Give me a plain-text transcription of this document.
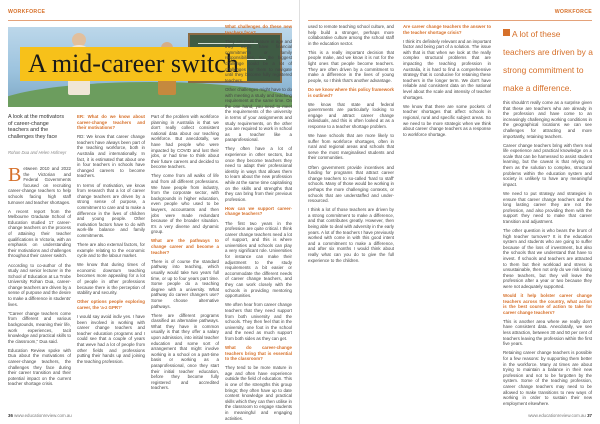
WORKFORCE
A mid-career switch
A look at the motivators of career-change teachers and the challenges they face
Rohan Dua and Helen Hofmeyr

Between 2010 and 2022 the Victorian and Federal Governments focused on recruiting career-change teachers to help schools facing high staff turnover and teacher shortages.

A recent report from the Melbourne Graduate School of Education studied 17 career-change teachers on the process of attaining their teacher qualifications in Victoria, with an emphasis on understanding their motivations and challenges throughout their career switch.

According to co-author of the study and senior lecturer in the School of Education at La Trobe University Rohan Dua, career-change teachers are driven by a sense of purpose and the desire to make a difference in students' lives.

"Career change teachers come from different and various backgrounds, meaning their life, work experiences, tacit knowledge and practical skills to the classroom," Dua said.

Education Review spoke with Dua about the motivations of career-change teachers, the challenges they face during their career transition and their potential impact on the current teacher shortage crisis.

ER: What do we know about career-change teachers and their motivations?

RD: We know that career change teachers have always been part of the teaching workforce, both in Australia and internationally. In fact, it is estimated that about one in four teachers in schools have changed careers to become teachers.

In terms of motivation, we know from research that a lot of career change teachers are driven by a strong sense of purpose, a commitment to care and to make a difference in the lives of children and young people. Other motivation factors have to do with work-life balance and family commitments.

There are also external factors, for example relating to the economic cycle and to the labour market.

We know that during times of economic downturn teaching becomes more appealing for a lot of people in other professions because there is the perception of stability and security.

Other options people exploring career, the 'a-z GPR?'

I would say avoid indiv yes. I have been involved in working with career change teachers and teacher education programs and I could see that a couple of years that weve had a lot of people from other fields and professions putting their hands up and joining the teaching profession.

Part of the problem with workforce planning in Australia is that we don't really collect consistent national data about our teaching workforce. But anecdotally, we have had people who were impacted by COVID and lost their jobs, or had time to think about their future careers and decided to become teachers.

They come from all walks of life and from all different professions. We have people from industry, from the corporate sector, with backgrounds in higher education, even people who used to be lawyers, accountants and then jobs were made redundant because of the broader situation. It's a very diverse and dynamic group.

What are the pathways to change career and become a teacher?

There is of course the standard pathway into teaching, which usually would take two years full time, or up to four years part time. Some people do a teaching degree with a university. What pathway do career changers use? Some choose alternative pathways.

There are different programs classified as alternative pathways. What they have in common usually is that they offer a salary upon admission, into initial teacher education and some sort of arrangement that might involve working in a school on a part-time basis or working as a paraprofessional, once they start their initial teacher education, before they become fully registered and accredited teachers.

What challenges do these new teachers face?

They are more mature in age and they might have financial commitments or family responsibilities, so the biggest challenge could be a lot of challenges for them to navigate until they become fully registered teachers.

Other challenges might have to do with meeting a study and teaching requirement at the same time. On the one hand, you need to meet the requirements of the university in terms of your assignments and study requirements, on the other you are required to work in school as a teacher like a paraprofessional.

They often have a lot of experience in other sectors, but once they become teachers they need to adapt their professional identity in ways that allows them to learn about the new profession while at the same time capitalising on the skills and strengths that they can bring from their previous profession.

How can we support career-change teachers?

The first two years in the profession are quite critical. I think career change teachers need a lot of support, and this is where universities and schools can play a very significant role. Universities for instance can make their adjustment to the study requirements a bit easier or accommodate the different needs of career change teachers, and they can work closely with the schools in providing mentoring opportunities.

We often hear from career change teachers that they need support from both university and the schools. They then feel that in the university, one foot in the school and the need as much support from both sides as they can get.

What do career-change teachers bring that is essential to the classroom?

They tend to be more mature in age and often have experience outside the field of education. This is one of the strengths this group brings; they often have up to date content knowledge and practical skills which they can then utilise in the classroom to engage students in meaningful and engaging activities.

36 www.educationreview.com.au
WORKFORCE

used to remote teaching school culture, and help build a stronger, perhaps more collaborative culture among the school staff in the education sector.

This is a really important decision that people make, and we know it is not for the light ones that people become teachers. They are often driven by a commitment to make a difference in the lives of young people, so I think that's another advantage.

Do we know where this policy framework is outlined?

We know that state and federal governments are particularly looking to engage and attract career change individuals, and this is often looked at as a response to a teacher shortage problem.

We have schools that are more likely to suffer from workforce shortages, often in rural and regional areas and schools that serve the most marginalised students and their communities.

Often government provide incentives and funding for programs that attract career change teachers to so-called 'hard to staff' schools. Many of those would be working in perhaps the more challenging contexts, or schools that are understaffed and under-resourced.

I think a lot of those teachers are driven by a strong commitment to make a difference, and that contributes greatly. However, then being able to deal with adversity in the early years. A lot of the teachers I have previously worked with come in with this good intent and a commitment to make a difference, and after six months I would think about really what can you do to give the full experience to the children.

Are career change teachers the answer to the teacher shortage crisis?

I think it's definitely relevant and an important factor and being part of a solution. The issue with that is that when we look at the really complex structural problems that are impacting the teaching profession in Australia, it is hard to find a comprehensive strategy that is conducive for retaining these teachers in the longer term. We don't have reliable and consistent data on the national level about the scale and intensity of teacher shortages.

We know that there are some pockets of teacher shortages that affect schools in regional, rural and specific subject areas. So we need to be more strategic when we think about career change teachers as a response to workforce shortage.

A lot of these teachers are driven by a strong commitment to make a difference.

this shouldn't really come as a surprise given that these are teachers who are already in the profession and have come to an increasingly challenging working conditions in the geographical locations we can see challenges for attracting and more importantly, retaining teachers.

Career change teachers bring with them real life experience and practical knowledge on a scale that can be harnessed to assist student learning, but the caveat is that relying on them as the solution to complex, structural problems within the education system and society is unlikely to have any meaningful impact.

We need to put strategy and strategies in ensure that career change teachers and the long lasting career they are not the profession, and also providing them with the support they need to make that career transition and adjustment.

The other question is who bears the brunt of high teacher turnover? It is the education system and students who are going to suffer because of the loss of investment, but also the schools that we understand that have to invest. If schools and teachers are attracted to them but their workload and stress is unsustainable, then not only do we risk losing these teachers, but they will leave the profession after a year or two because they were not adequately supported.

Would it help bolster career change teachers across the country, what action is the best course of action to take for career change teachers?

This is another area where we really don't have consistent data. Anecdotally, we see less attraction, between 30 and 50 per cent of teachers leaving the profession within the first five years.

Retaining career change teachers is possible for a few reasons: by supporting them better in the workforce. Many at times are about trying to maintain a balance in their new profession and not to be forgotten by the system. Some of the teaching profession, career change teachers may need to be allowed to make transitions to new ways of working in order to sustain their new employment elsewhere.

www.educationreview.com.au 37
